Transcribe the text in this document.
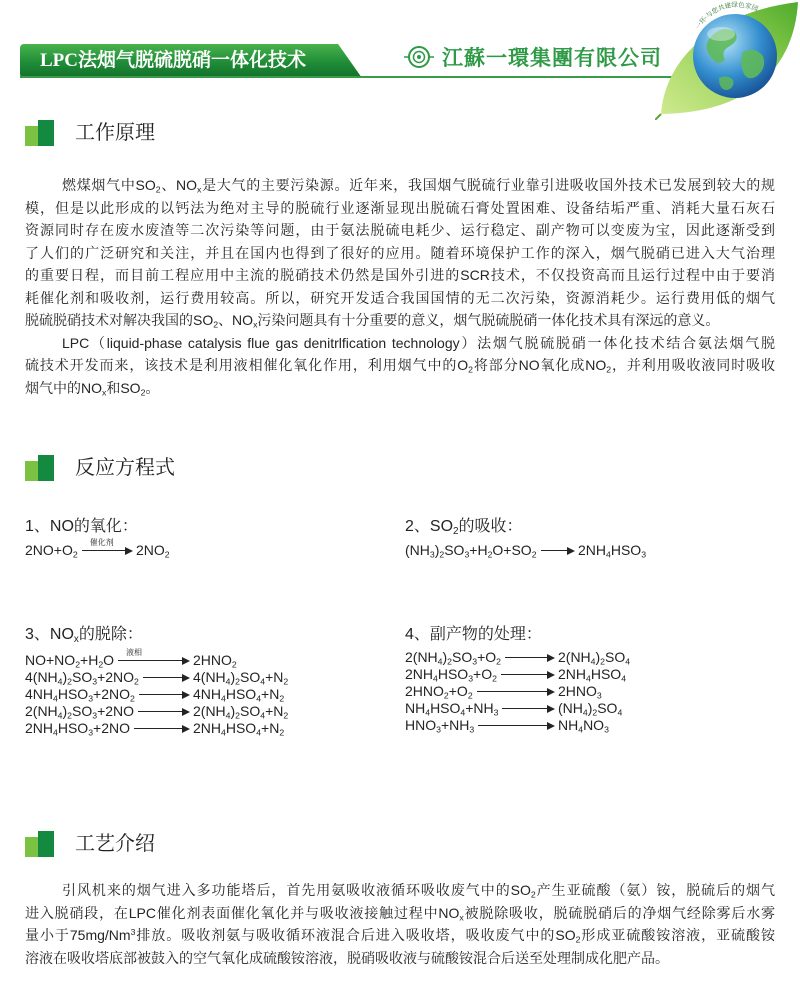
LPC法烟气脱硫脱硝一体化技术	江蘇一環集團有限公司
一环·与您共建绿色家园
工作原理
燃煤烟气中$SO_2$、$NO_x$是大气的主要污染源。近年来，我国烟气脱硫行业靠引进吸收国外技术已发展到较大的规
模，但是以此形成的以钙法为绝对主导的脱硫行业逐渐显现出脱硫石膏处置困难、设备结垢严重、消耗大量石灰石
资源同时存在废水废渣等二次污染等问题，由于氨法脱硫电耗少、运行稳定、副产物可以变废为宝，因此逐渐受到
了人们的广泛研究和关注，并且在国内也得到了很好的应用。随着环境保护工作的深入，烟气脱硝已进入大气治理
的重要日程，而目前工程应用中主流的脱硝技术仍然是国外引进的SCR技术，不仅投资高而且运行过程中由于要消
耗催化剂和吸收剂，运行费用较高。所以，研究开发适合我国国情的无二次污染，资源消耗少。运行费用低的烟气
脱硫脱硝技术对解决我国的$SO_2$、$NO_x$污染问题具有十分重要的意义，烟气脱硫脱硝一体化技术具有深远的意义。
LPC（liquid-phase catalysis flue gas denitrlfication technology）法烟气脱硫脱硝一体化技术结合氨法烟气脱
硫技术开发而来，该技术是利用液相催化氧化作用，利用烟气中的$O_2$将部分NO氧化成$NO_2$，并利用吸收液同时吸收
烟气中的$NO_x$和$SO_2$。
反应方程式
1、NO的氧化：
$2NO+O_2$
催化剂 $2NO_2$
2、$SO_2$的吸收：
$(NH_3)_2SO_3+H_2O+SO_2$	$2NH_4HSO_3$
3、$NO_x$的脱除：
$NO+NO_2+H_2O$ 液相	$2HNO_2$
$4(NH_4)_2SO_3+2NO_2$	$4(NH_4)_2SO_4+N_2$
$4NH_4HSO_3+2NO_2$	$4NH_4HSO_4+N_2$
$2(NH_4)_2SO_3+2NO$	$2(NH_4)_2SO_4+N_2$
$2NH_4HSO_3+2NO$	$2NH_4HSO_4+N_2$
4、副产物的处理：
$2(NH_4)_2SO_3+O_2$	$2(NH_4)_2SO_4$
$2NH_4HSO_3+O_2$	$2NH_4HSO_4$
$2HNO_2+O_2$	$2HNO_3$
$NH_4HSO_4+NH_3$	$(NH_4)_2SO_4$
$HNO_3+NH_3$	$NH_4NO_3$
工艺介绍
引风机来的烟气进入多功能塔后，首先用氨吸收液循环吸收废气中的$SO_2$产生亚硫酸（氨）铵，脱硫后的烟气
进入脱硝段，在LPC催化剂表面催化氧化并与吸收液接触过程中$NO_x$被脱除吸收，脱硫脱硝后的净烟气经除雾后水雾
量小于75mg/Nm$^3$排放。吸收剂氨与吸收循环液混合后进入吸收塔，吸收废气中的$SO_2$形成亚硫酸铵溶液，亚硫酸铵
溶液在吸收塔底部被鼓入的空气氧化成硫酸铵溶液，脱硝吸收液与硫酸铵混合后送至处理制成化肥产品。
